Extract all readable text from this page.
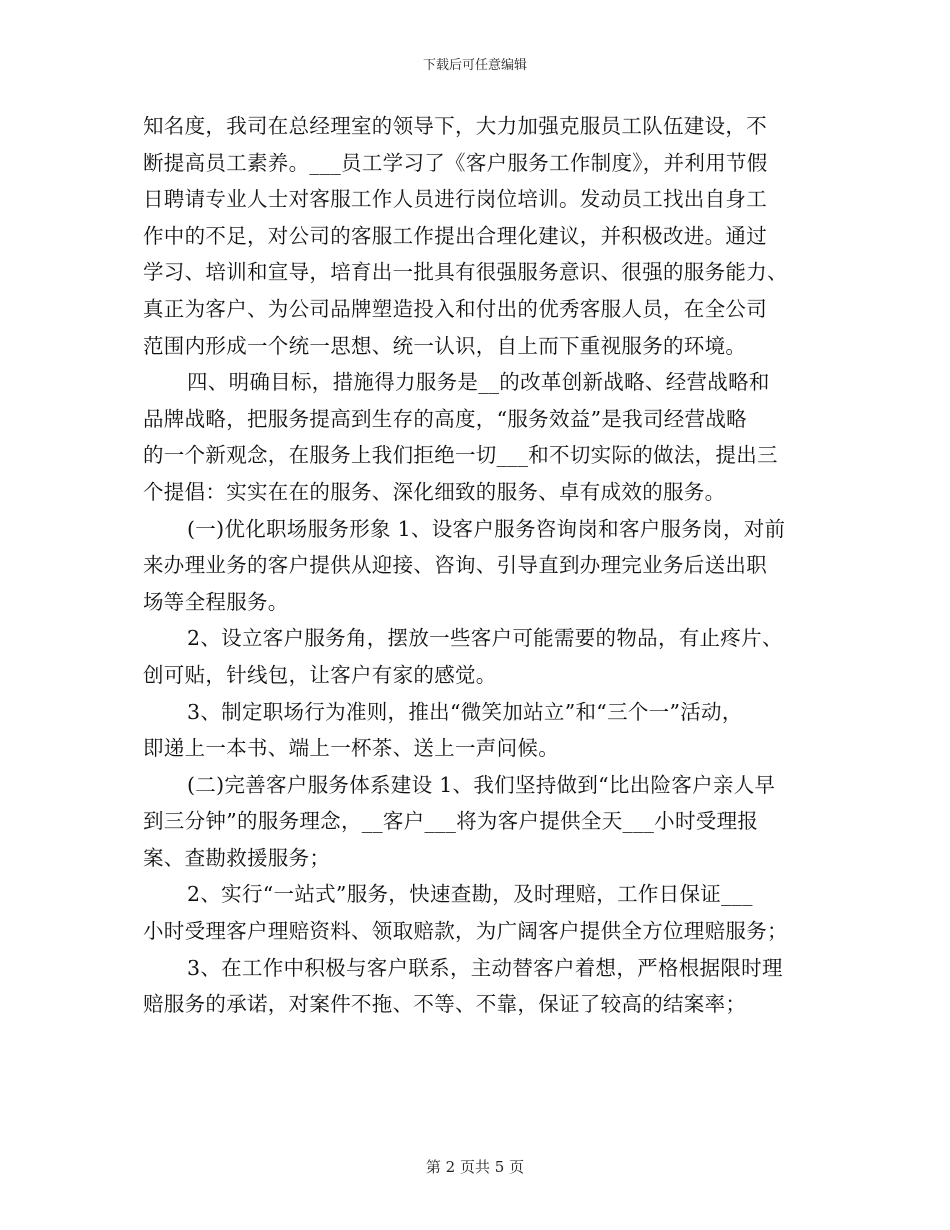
下载后可任意编辑
知名度，我司在总经理室的领导下，大力加强克服员工队伍建设，不
断提高员工素养。___员工学习了《客户服务工作制度》，并利用节假
日聘请专业人士对客服工作人员进行岗位培训。发动员工找出自身工
作中的不足，对公司的客服工作提出合理化建议，并积极改进。通过
学习、培训和宣导，培育出一批具有很强服务意识、很强的服务能力、
真正为客户、为公司品牌塑造投入和付出的优秀客服人员，在全公司
范围内形成一个统一思想、统一认识，自上而下重视服务的环境。
四、明确目标，措施得力服务是__的改革创新战略、经营战略和
品牌战略，把服务提高到生存的高度，“服务效益”是我司经营战略
的一个新观念，在服务上我们拒绝一切___和不切实际的做法，提出三
个提倡：实实在在的服务、深化细致的服务、卓有成效的服务。
(一)优化职场服务形象 1、设客户服务咨询岗和客户服务岗，对前
来办理业务的客户提供从迎接、咨询、引导直到办理完业务后送出职
场等全程服务。
2、设立客户服务角，摆放一些客户可能需要的物品，有止疼片、
创可贴，针线包，让客户有家的感觉。
3、制定职场行为准则，推出“微笑加站立”和“三个一”活动，
即递上一本书、端上一杯茶、送上一声问候。
(二)完善客户服务体系建设 1、我们坚持做到“比出险客户亲人早
到三分钟”的服务理念，__客户___将为客户提供全天___小时受理报
案、查勘救援服务；
2、实行“一站式”服务，快速查勘，及时理赔，工作日保证___
小时受理客户理赔资料、领取赔款，为广阔客户提供全方位理赔服务；
3、在工作中积极与客户联系，主动替客户着想，严格根据限时理
赔服务的承诺，对案件不拖、不等、不靠，保证了较高的结案率；
第 2 页共 5 页
